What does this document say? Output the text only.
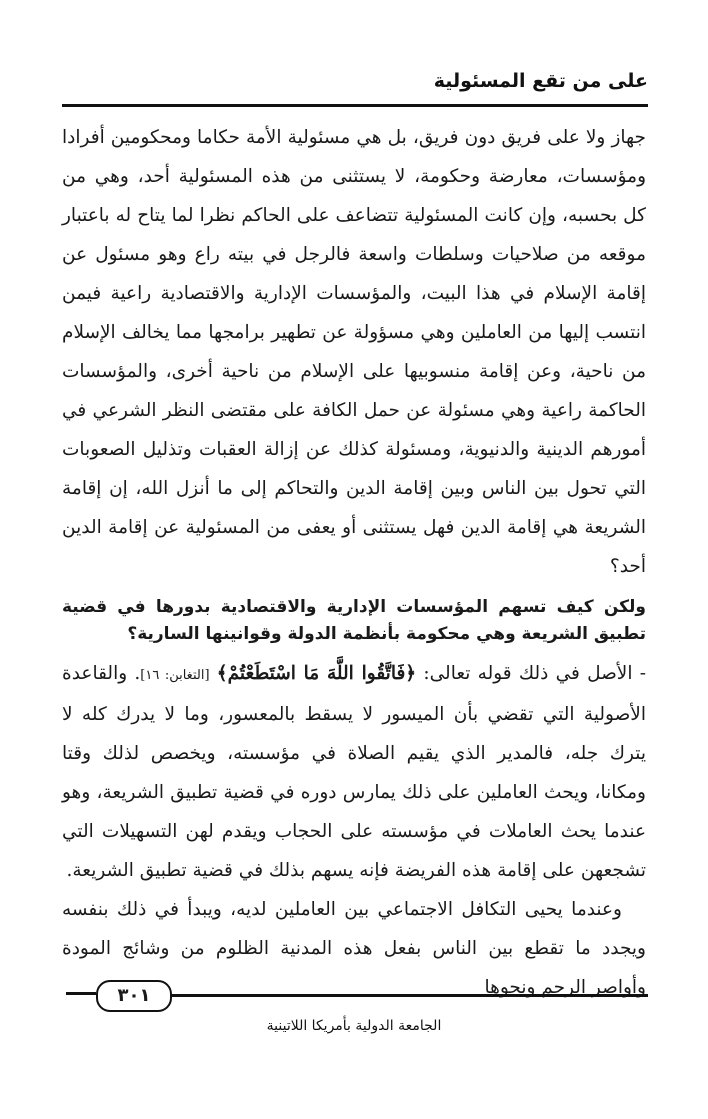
على من تقع المسئولية

جهاز ولا على فريق دون فريق، بل هي مسئولية الأمة حكاما ومحكومين أفرادا ومؤسسات، معارضة وحكومة، لا يستثنى من هذه المسئولية أحد، وهي من كل بحسبه، وإن كانت المسئولية تتضاعف على الحاكم نظرا لما يتاح له باعتبار موقعه من صلاحيات وسلطات واسعة فالرجل في بيته راع وهو مسئول عن إقامة الإسلام في هذا البيت، والمؤسسات الإدارية والاقتصادية راعية فيمن انتسب إليها من العاملين وهي مسؤولة عن تطهير برامجها مما يخالف الإسلام من ناحية، وعن إقامة منسوبيها على الإسلام من ناحية أخرى، والمؤسسات الحاكمة راعية وهي مسئولة عن حمل الكافة على مقتضى النظر الشرعي في أمورهم الدينية والدنيوية، ومسئولة كذلك عن إزالة العقبات وتذليل الصعوبات التي تحول بين الناس وبين إقامة الدين والتحاكم إلى ما أنزل الله، إن إقامة الشريعة هي إقامة الدين فهل يستثنى أو يعفى من المسئولية عن إقامة الدين أحد؟

ولكن كيف تسهم المؤسسات الإدارية والاقتصادية بدورها في قضية تطبيق الشريعة وهي محكومة بأنظمة الدولة وقوانينها السارية؟

- الأصل في ذلك قوله تعالى: ﴿فَاتَّقُوا اللَّهَ مَا اسْتَطَعْتُمْ﴾ [التغابن: ١٦]. والقاعدة الأصولية التي تقضي بأن الميسور لا يسقط بالمعسور، وما لا يدرك كله لا يترك جله، فالمدير الذي يقيم الصلاة في مؤسسته، ويخصص لذلك وقتا ومكانا، ويحث العاملين على ذلك يمارس دوره في قضية تطبيق الشريعة، وهو عندما يحث العاملات في مؤسسته على الحجاب ويقدم لهن التسهيلات التي تشجعهن على إقامة هذه الفريضة فإنه يسهم بذلك في قضية تطبيق الشريعة.

وعندما يحيى التكافل الاجتماعي بين العاملين لديه، ويبدأ في ذلك بنفسه ويجدد ما تقطع بين الناس بفعل هذه المدنية الظلوم من وشائج المودة وأواصر الرحم ونحوها

٣٠١
الجامعة الدولية بأمريكا اللاتينية
